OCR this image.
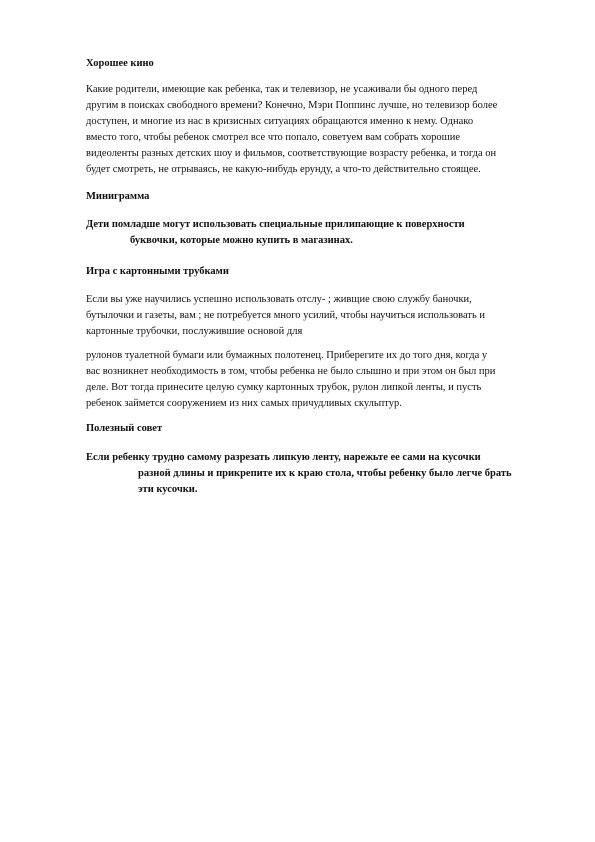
Хорошее кино

Какие родители, имеющие как ребенка, так и телевизор, не усаживали бы одного перед
другим в поисках свободного времени? Конечно, Мэри Поппинс лучше, но телевизор более
доступен, и многие из нас в кризисных ситуациях обращаются именно к нему. Однако
вместо того, чтобы ребенок смотрел все что попало, советуем вам собрать хорошие
видеоленты разных детских шоу и фильмов, соответствующие возрасту ребенка, и тогда он
будет смотреть, не отрываясь, не какую-нибудь ерунду, а что-то действительно стоящее.

Миниграмма

Дети помладше могут использовать специальные прилипающие к поверхности
буквочки, которые можно купить в магазинах.

Игра с картонными трубками

Если вы уже научились успешно использовать отслу- ; живщие свою службу баночки,
бутылочки и газеты, вам ; не потребуется много усилий, чтобы научиться использовать и
картонные трубочки, послужившие основой для

рулонов туалетной бумаги или бумажных полотенец. Приберегите их до того дня, когда у
вас возникнет необходимость в том, чтобы ребенка не было слышно и при этом он был при
деле. Вот тогда принесите целую сумку картонных трубок, рулон липкой ленты, и пусть
ребенок займется сооружением из них самых причудливых скульптур.

Полезный совет

Если ребенку трудно самому разрезать липкую ленту, нарежьте ее сами на кусочки
разной длины и прикрепите их к краю стола, чтобы ребенку было легче брать
эти кусочки.
